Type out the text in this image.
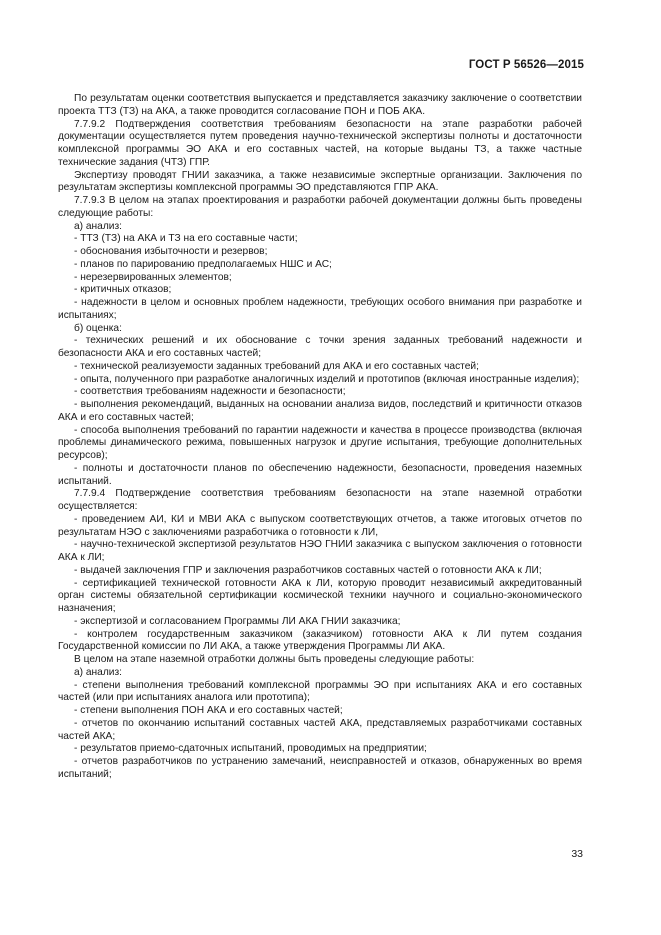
ГОСТ Р 56526—2015

По результатам оценки соответствия выпускается и представляется заказчику заключение о соответствии проекта ТТЗ (ТЗ) на АКА, а также проводится согласование ПОН и ПОБ АКА.

7.7.9.2 Подтверждения соответствия требованиям безопасности на этапе разработки рабочей документации осуществляется путем проведения научно-технической экспертизы полноты и достаточности комплексной программы ЭО АКА и его составных частей, на которые выданы ТЗ, а также частные технические задания (ЧТЗ) ГПР.

Экспертизу проводят ГНИИ заказчика, а также независимые экспертные организации. Заключения по результатам экспертизы комплексной программы ЭО представляются ГПР АКА.

7.7.9.3 В целом на этапах проектирования и разработки рабочей документации должны быть проведены следующие работы:

а) анализ:

- ТТЗ (ТЗ) на АКА и ТЗ на его составные части;

- обоснования избыточности и резервов;

- планов по парированию предполагаемых НШС и АС;

- нерезервированных элементов;

- критичных отказов;

- надежности в целом и основных проблем надежности, требующих особого внимания при разработке и испытаниях;

б) оценка:

- технических решений и их обоснование с точки зрения заданных требований надежности и безопасности АКА и его составных частей;

- технической реализуемости заданных требований для АКА и его составных частей;

- опыта, полученного при разработке аналогичных изделий и прототипов (включая иностранные изделия);

- соответствия требованиям надежности и безопасности;

- выполнения рекомендаций, выданных на основании анализа видов, последствий и критичности отказов АКА и его составных частей;

- способа выполнения требований по гарантии надежности и качества в процессе производства (включая проблемы динамического режима, повышенных нагрузок и другие испытания, требующие дополнительных ресурсов);

- полноты и достаточности планов по обеспечению надежности, безопасности, проведения наземных испытаний.

7.7.9.4 Подтверждение соответствия требованиям безопасности на этапе наземной отработки осуществляется:

- проведением АИ, КИ и МВИ АКА с выпуском соответствующих отчетов, а также итоговых отчетов по результатам НЭО с заключениями разработчика о готовности к ЛИ,

- научно-технической экспертизой результатов НЭО ГНИИ заказчика с выпуском заключения о готовности АКА к ЛИ;

- выдачей заключения ГПР и заключения разработчиков составных частей о готовности АКА к ЛИ;

- сертификацией технической готовности АКА к ЛИ, которую проводит независимый аккредитованный орган системы обязательной сертификации космической техники научного и социально-экономического назначения;

- экспертизой и согласованием Программы ЛИ АКА ГНИИ заказчика;

- контролем государственным заказчиком (заказчиком) готовности АКА к ЛИ путем создания Государственной комиссии по ЛИ АКА, а также утверждения Программы ЛИ АКА.

В целом на этапе наземной отработки должны быть проведены следующие работы:

а) анализ:

- степени выполнения требований комплексной программы ЭО при испытаниях АКА и его составных частей (или при испытаниях аналога или прототипа);

- степени выполнения ПОН АКА и его составных частей;

- отчетов по окончанию испытаний составных частей АКА, представляемых разработчиками составных частей АКА;

- результатов приемо-сдаточных испытаний, проводимых на предприятии;

- отчетов разработчиков по устранению замечаний, неисправностей и отказов, обнаруженных во время испытаний;

33
